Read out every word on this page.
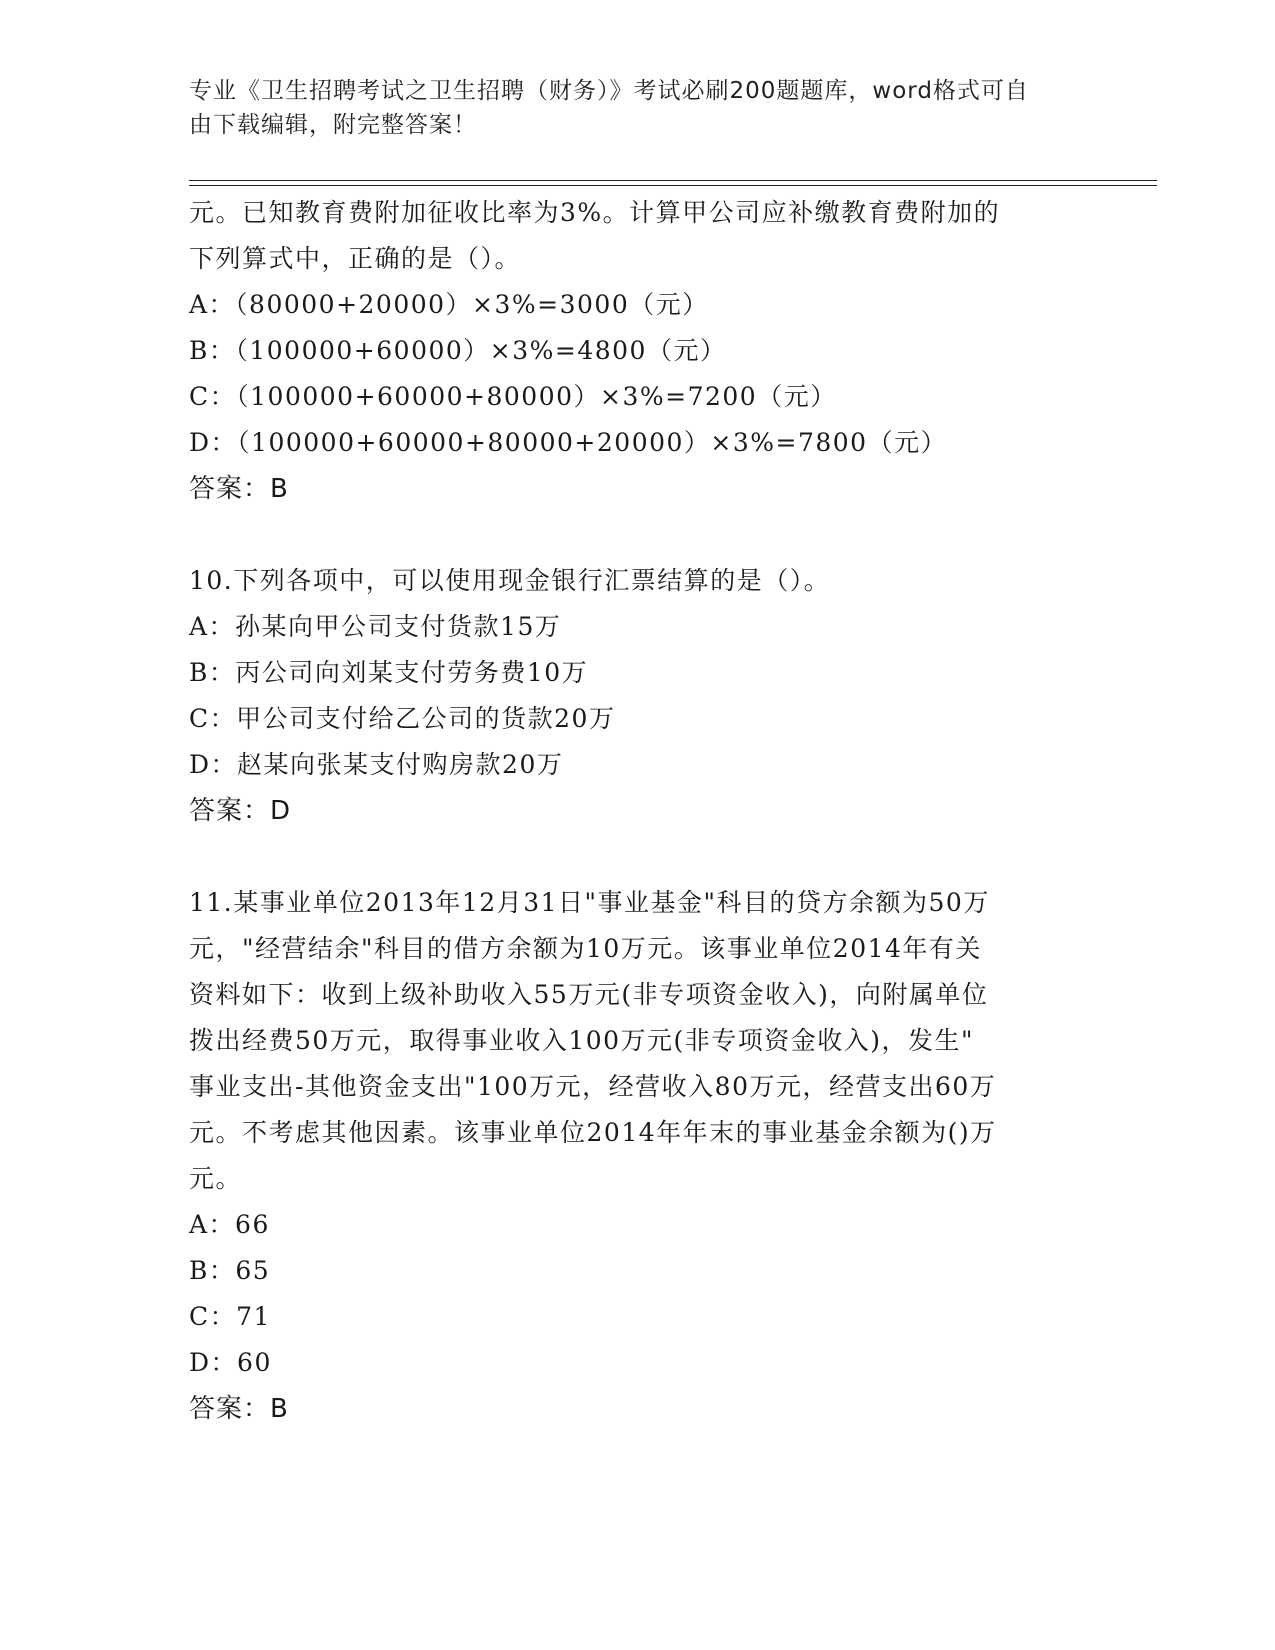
专业《卫生招聘考试之卫生招聘（财务）》考试必刷200题题库，word格式可自
由下载编辑，附完整答案！
元。已知教育费附加征收比率为3%。计算甲公司应补缴教育费附加的
下列算式中，正确的是（）。
A：（80000+20000）×3%=3000（元）
B：（100000+60000）×3%=4800（元）
C：（100000+60000+80000）×3%=7200（元）
D：（100000+60000+80000+20000）×3%=7800（元）
答案：B
10.下列各项中，可以使用现金银行汇票结算的是（）。
A：孙某向甲公司支付货款15万
B：丙公司向刘某支付劳务费10万
C：甲公司支付给乙公司的货款20万
D：赵某向张某支付购房款20万
答案：D
11.某事业单位2013年12月31日"事业基金"科目的贷方余额为50万
元，"经营结余"科目的借方余额为10万元。该事业单位2014年有关
资料如下：收到上级补助收入55万元(非专项资金收入)，向附属单位
拨出经费50万元，取得事业收入100万元(非专项资金收入)，发生"
事业支出-其他资金支出"100万元，经营收入80万元，经营支出60万
元。不考虑其他因素。该事业单位2014年年末的事业基金余额为()万
元。
A：66
B：65
C：71
D：60
答案：B
